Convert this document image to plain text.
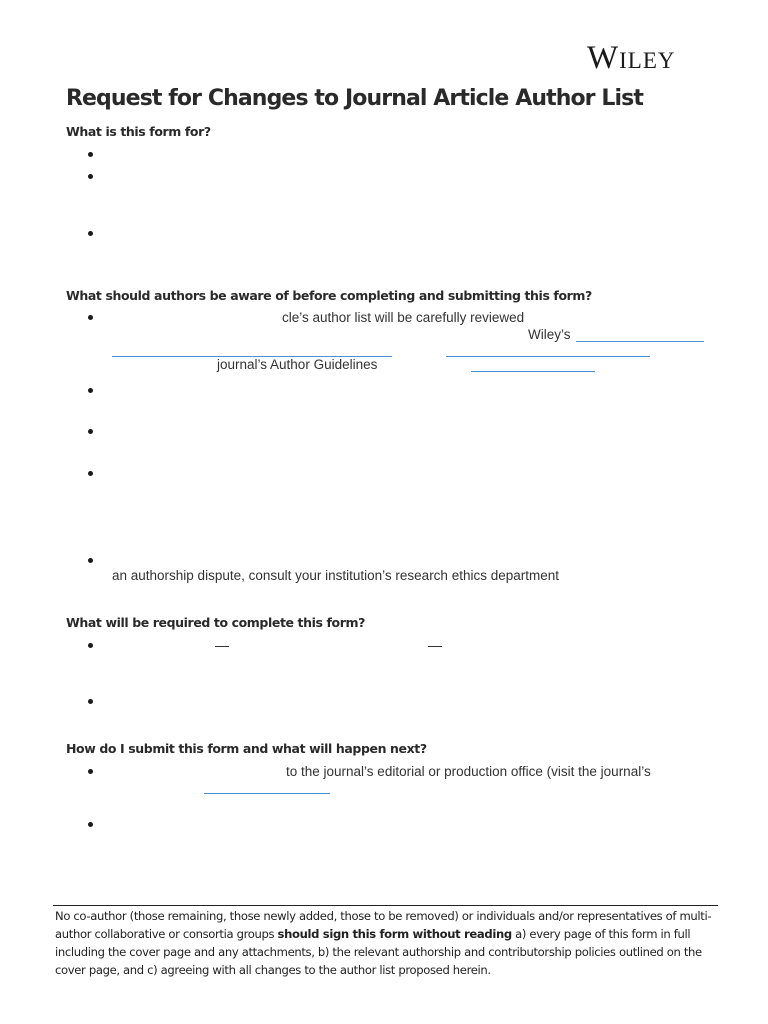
Wiley
Request for Changes to Journal Article Author List
What is this form for?
What should authors be aware of before completing and submitting this form?
cle’s author list will be carefully reviewed
Wiley’s
journal’s Author Guidelines
an authorship dispute, consult your institution’s research ethics department
What will be required to complete this form?
How do I submit this form and what will happen next?
to the journal’s editorial or production office (visit the journal’s
No co-author (those remaining, those newly added, those to be removed) or individuals and/or representatives of multi-author collaborative or consortia groups should sign this form without reading a) every page of this form in full including the cover page and any attachments, b) the relevant authorship and contributorship policies outlined on the cover page, and c) agreeing with all changes to the author list proposed herein.
